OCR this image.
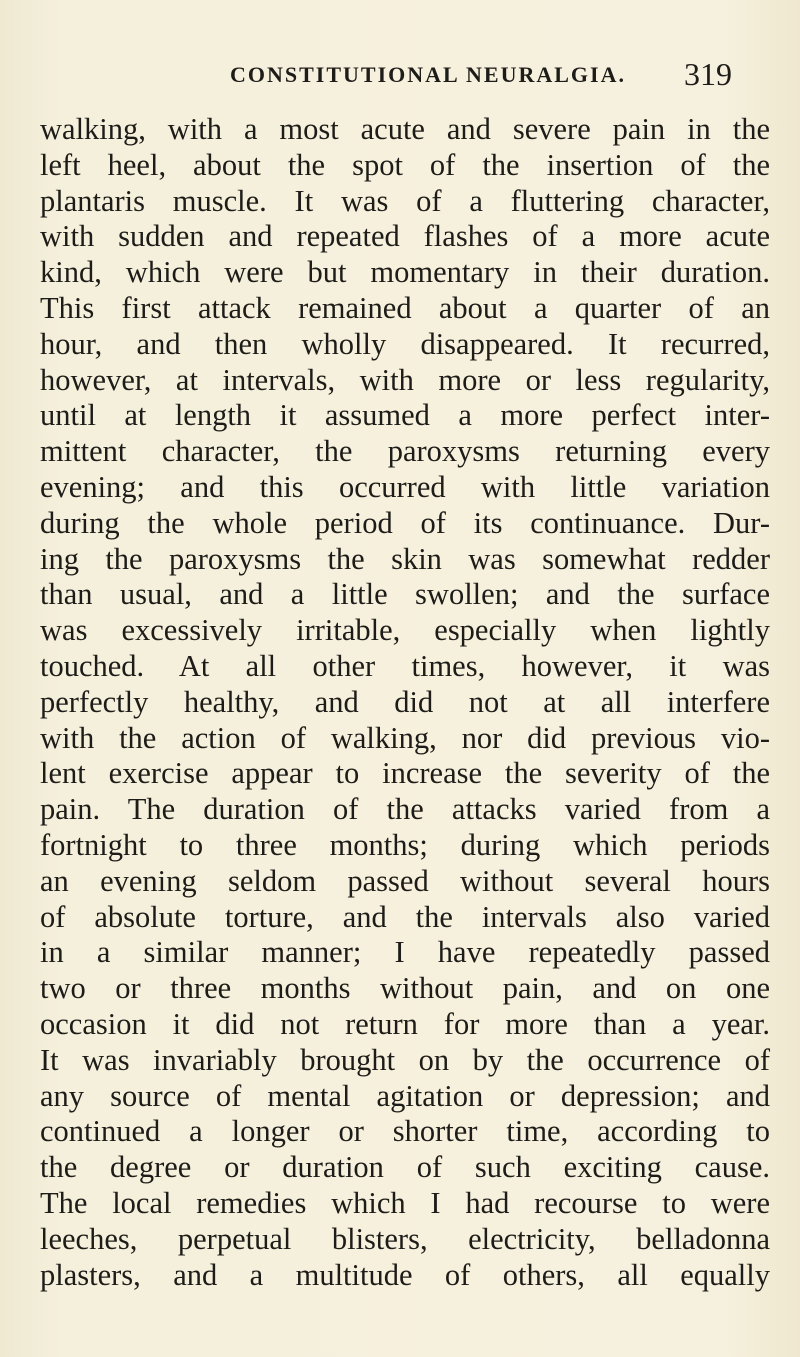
CONSTITUTIONAL NEURALGIA. 319
walking, with a most acute and severe pain in the
left heel, about the spot of the insertion of the
plantaris muscle. It was of a fluttering character,
with sudden and repeated flashes of a more acute
kind, which were but momentary in their duration.
This first attack remained about a quarter of an
hour, and then wholly disappeared. It recurred,
however, at intervals, with more or less regularity,
until at length it assumed a more perfect inter-
mittent character, the paroxysms returning every
evening; and this occurred with little variation
during the whole period of its continuance. Dur-
ing the paroxysms the skin was somewhat redder
than usual, and a little swollen; and the surface
was excessively irritable, especially when lightly
touched. At all other times, however, it was
perfectly healthy, and did not at all interfere
with the action of walking, nor did previous vio-
lent exercise appear to increase the severity of the
pain. The duration of the attacks varied from a
fortnight to three months; during which periods
an evening seldom passed without several hours
of absolute torture, and the intervals also varied
in a similar manner; I have repeatedly passed
two or three months without pain, and on one
occasion it did not return for more than a year.
It was invariably brought on by the occurrence of
any source of mental agitation or depression; and
continued a longer or shorter time, according to
the degree or duration of such exciting cause.
The local remedies which I had recourse to were
leeches, perpetual blisters, electricity, belladonna
plasters, and a multitude of others, all equally
